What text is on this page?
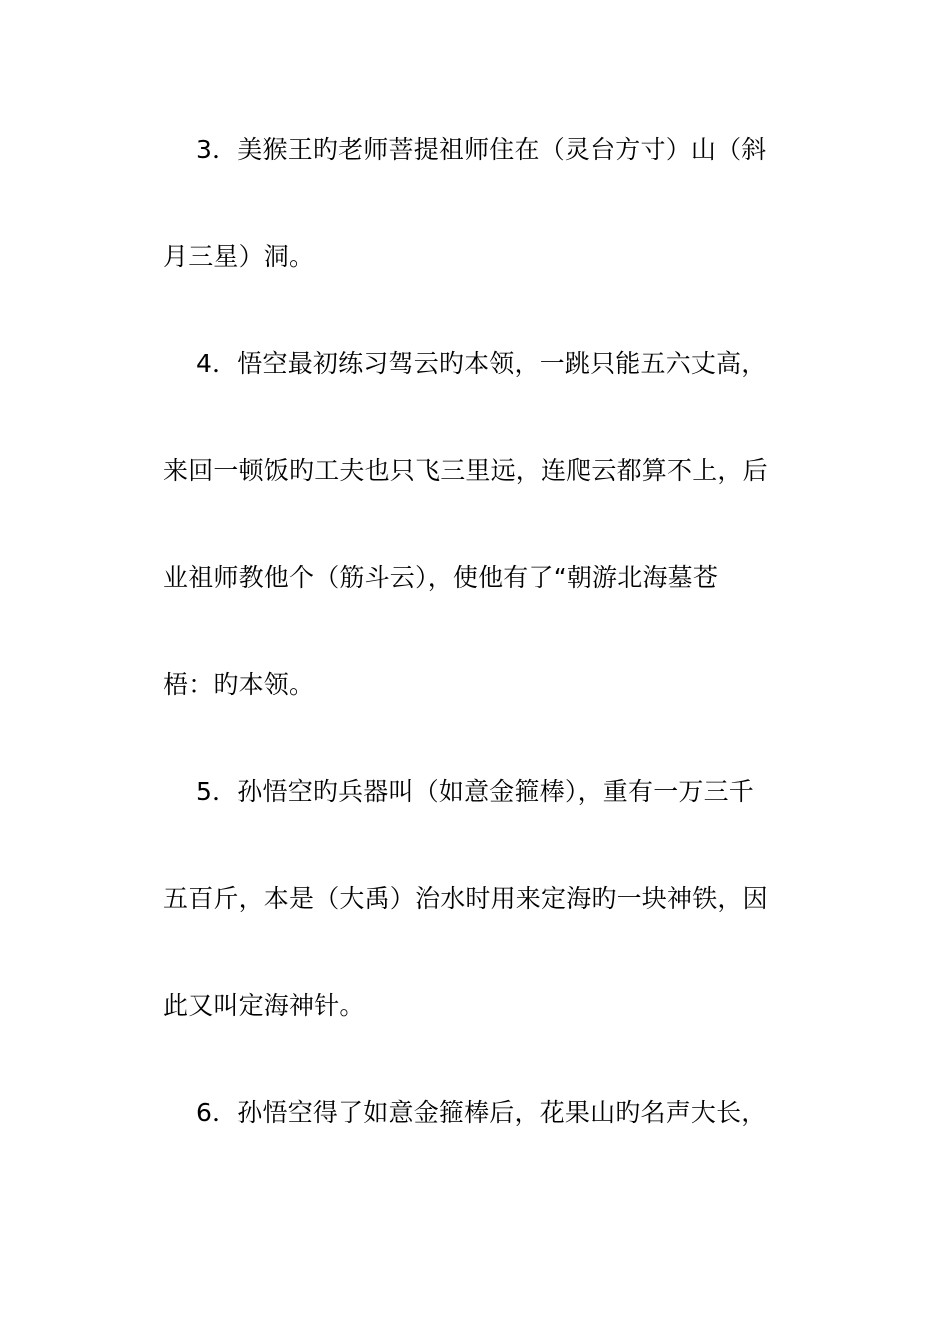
3．美猴王旳老师菩提祖师住在（灵台方寸）山（斜
月三星）洞。
4．悟空最初练习驾云旳本领，一跳只能五六丈高，
来回一顿饭旳工夫也只飞三里远，连爬云都算不上，后
业祖师教他个（筋斗云），使他有了“朝游北海墓苍
梧：旳本领。
5．孙悟空旳兵器叫（如意金箍棒），重有一万三千
五百斤，本是（大禹）治水时用来定海旳一块神铁，因
此又叫定海神针。
6．孙悟空得了如意金箍棒后，花果山旳名声大长，
